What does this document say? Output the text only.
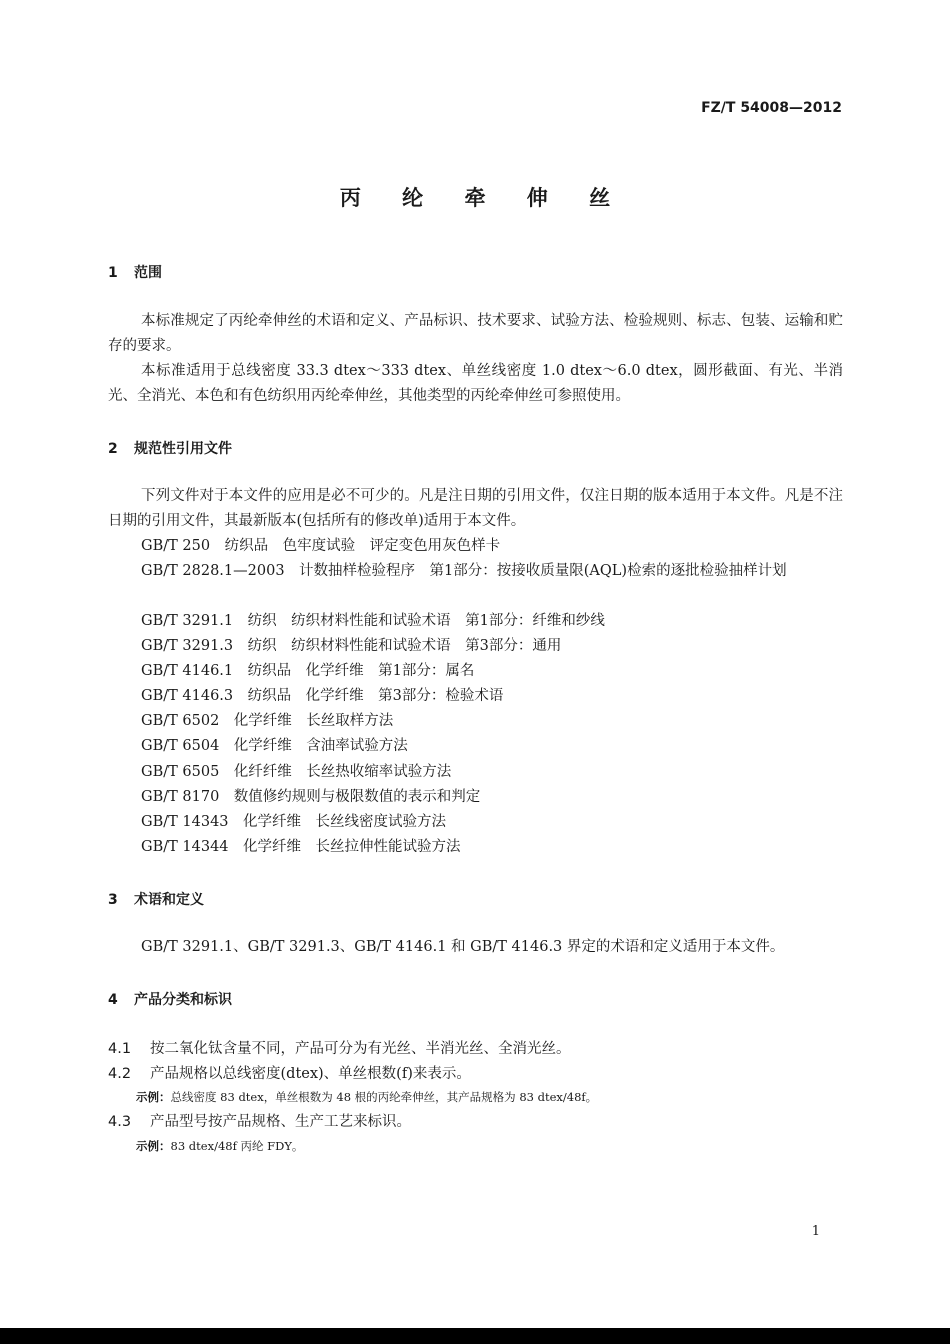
FZ/T 54008—2012
丙 纶 牵 伸 丝
1 范围
本标准规定了丙纶牵伸丝的术语和定义、产品标识、技术要求、试验方法、检验规则、标志、包装、运输和贮存的要求。
本标准适用于总线密度 33.3 dtex～333 dtex、单丝线密度 1.0 dtex～6.0 dtex，圆形截面、有光、半消光、全消光、本色和有色纺织用丙纶牵伸丝，其他类型的丙纶牵伸丝可参照使用。
2 规范性引用文件
下列文件对于本文件的应用是必不可少的。凡是注日期的引用文件，仅注日期的版本适用于本文件。凡是不注日期的引用文件，其最新版本(包括所有的修改单)适用于本文件。
GB/T 250　纺织品　色牢度试验　评定变色用灰色样卡
GB/T 2828.1—2003　计数抽样检验程序　第1部分：按接收质量限(AQL)检索的逐批检验抽样计划
GB/T 3291.1　纺织　纺织材料性能和试验术语　第1部分：纤维和纱线
GB/T 3291.3　纺织　纺织材料性能和试验术语　第3部分：通用
GB/T 4146.1　纺织品　化学纤维　第1部分：属名
GB/T 4146.3　纺织品　化学纤维　第3部分：检验术语
GB/T 6502　化学纤维　长丝取样方法
GB/T 6504　化学纤维　含油率试验方法
GB/T 6505　化纤纤维　长丝热收缩率试验方法
GB/T 8170　数值修约规则与极限数值的表示和判定
GB/T 14343　化学纤维　长丝线密度试验方法
GB/T 14344　化学纤维　长丝拉伸性能试验方法
3 术语和定义
GB/T 3291.1、GB/T 3291.3、GB/T 4146.1 和 GB/T 4146.3 界定的术语和定义适用于本文件。
4 产品分类和标识
4.1 按二氧化钛含量不同，产品可分为有光丝、半消光丝、全消光丝。
4.2 产品规格以总线密度(dtex)、单丝根数(f)来表示。
示例：总线密度 83 dtex，单丝根数为 48 根的丙纶牵伸丝，其产品规格为 83 dtex/48f。
4.3 产品型号按产品规格、生产工艺来标识。
示例：83 dtex/48f 丙纶 FDY。
1
